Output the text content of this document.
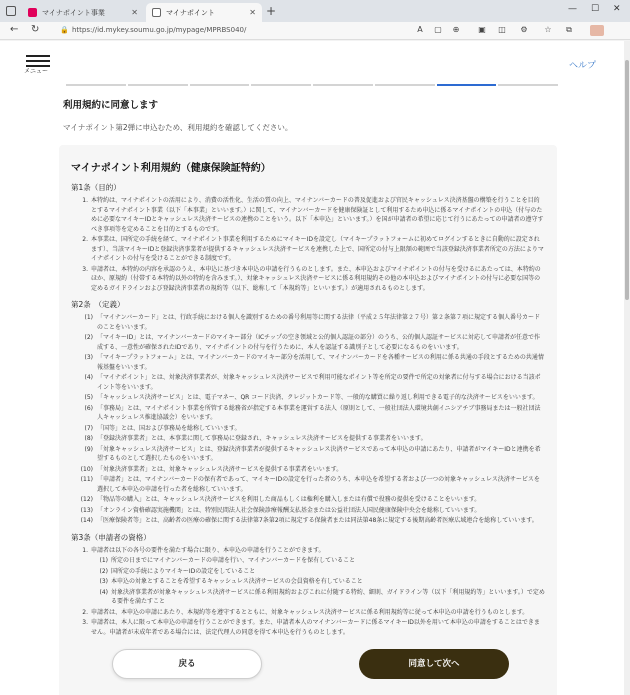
マイナポイント事業	✕	マイナポイント	✕ +	— ☐ ✕
← ↻	🔒 https://id.mykey.soumu.go.jp/mypage/MPRBS040/	A ▢ ⊕ ▣ ◫ ⚙ ☆ ⧉
メニュー
ヘルプ
利用規約に同意します
マイナポイント第2弾に申込むため、利用規約を確認してください。
マイナポイント利用規約（健康保険証特約）
第1条（目的）
1. 本特約は、マイナポイントの活用により、消費の活性化、生活の質の向上、マイナンバーカードの普及促進および官民キャッシュレス決済基盤の構築を行うことを目的とするマイナポイント事業（以下「本事業」といいます。）に関して、マイナンバーカードを健康保険証として利用するため申込に係るマイナポイントの申込（付与のために必要なマイキーIDとキャッシュレス決済サービスの連携のことをいう。以下「本申込」といいます。）を国が申請者の希望に応じて行うにあたっての申請者の遵守すべき事項等を定めることを目的とするものです。
2. 本事業は、国所定の手続を経て、マイナポイント事業を利用するためにマイキーIDを設定し（マイキープラットフォームに初めてログインするときに自動的に設定されます）、当該マイキーIDと登録決済事業者が提供するキャッシュレス決済サービスを連携した上で、国所定の付与上限額の範囲で当該登録決済事業者所定の方法によりマイナポイントの付与を受けることができる制度です。
3. 申請者は、本特約の内容を承認のうえ、本申込に基づき本申込の申請を行うものとします。また、本申込およびマイナポイントの付与を受けるにあたっては、本特約のほか、原規約（付帯する本特約以外の特約を含みます。）、対象キャッシュレス決済サービスに係る利用規約その他の本申込およびマイナポイントの付与に必要な国等の定めるガイドラインおよび登録決済事業者の規約等（以下、総称して「本規約等」といいます。）が適用されるものとします。
第2条　（定義）
(1) 「マイナンバーカード」とは、行政手続における個人を識別するための番号利用等に関する法律（平成２５年法律第２７号）第２条第７項に規定する個人番号カードのことをいいます。
(2) 「マイキーID」とは、マイナンバーカードのマイキー部分（ICチップの空き領域と公的個人認証の部分）のうち、公的個人認証サービスに対応して申請者が任意で作成する、一意性が確保されたIDであり、マイナポイントの付与を行うために、本人を認証する識別子として必要になるものをいいます。
(3) 「マイキープラットフォーム」とは、マイナンバーカードのマイキー部分を活用して、マイナンバーカードを各種サービスの利用に係る共通の手段とするための共通情報基盤をいいます。
(4) 「マイナポイント」とは、対象決済事業者が、対象キャッシュレス決済サービスで利用可能なポイント等を所定の要件で所定の対象者に付与する場合における当該ポイント等をいいます。
(5) 「キャッシュレス決済サービス」とは、電子マネー、QR コード決済、クレジットカード等、一般的な購買に繰り返し利用できる電子的な決済サービスをいいます。
(6) 「事務局」とは、マイナポイント事業を所管する総務省が指定する本事業を運営する法人（原則として、一般社団法人環境共創イニシアチブ事務局または一般社団法人キャッシュレス推進協議会）をいいます。
(7) 「国等」とは、国および事務局を総称していいます。
(8) 「登録決済事業者」とは、本事業に関して事務局に登録され、キャッシュレス決済サービスを提供する事業者をいいます。
(9) 「対象キャッシュレス決済サービス」とは、登録決済事業者が提供するキャッシュレス決済サービスであって本申込の申請にあたり、申請者がマイキーIDと連携を希望するものとして選択したものをいいます。
(10) 「対象決済事業者」とは、対象キャッシュレス決済サービスを提供する事業者をいいます。
(11) 「申請者」とは、マイナンバーカードの保有者であって、マイキーIDの設定を行った者のうち、本申込を希望する者および一つの対象キャッシュレス決済サービスを選択して本申込の申請を行った者を総称していいます。
(12) 「物品等の購入」とは、キャッシュレス決済サービスを利用した商品もしくは権利を購入しまたは有償で役務の提供を受けることをいいます。
(13) 「オンライン資格確認実施機関」とは、特別民間法人社会保険診療報酬支払基金または公益社団法人国民健康保険中央会を総称していいます。
(14) 「医療保険者等」とは、高齢者の医療の確保に関する法律第7条第2項に規定する保険者または同法第48条に規定する後期高齢者医療広域連合を総称していいます。
第3条（申請者の資格）
1. 申請者は以下の各号の要件を満たす場合に限り、本申込の申請を行うことができます。
(1) 所定の日までにマイナンバーカードの申請を行い、マイナンバーカードを保有していること
(2) 国所定の手続によりマイキーIDの設定をしていること
(3) 本申込の対象とすることを希望するキャッシュレス決済サービスの会員資格を有していること
(4) 対象決済事業者が対象キャッシュレス決済サービスに係る利用規約およびこれに付随する特約、細則、ガイドライン等（以下「利用規約等」といいます。）で定める要件を満たすこと
2. 申請者は、本申込の申請にあたり、本規約等を遵守するとともに、対象キャッシュレス決済サービスに係る利用規約等に従って本申込の申請を行うものとします。
3. 申請者は、本人に限って本申込の申請を行うことができます。また、申請者本人のマイナンバーカードに係るマイキーID以外を用いて本申込の申請をすることはできません。申請者が未成年者である場合には、法定代理人の同意を得て本申込を行うものとします。
戻る	同意して次へ
